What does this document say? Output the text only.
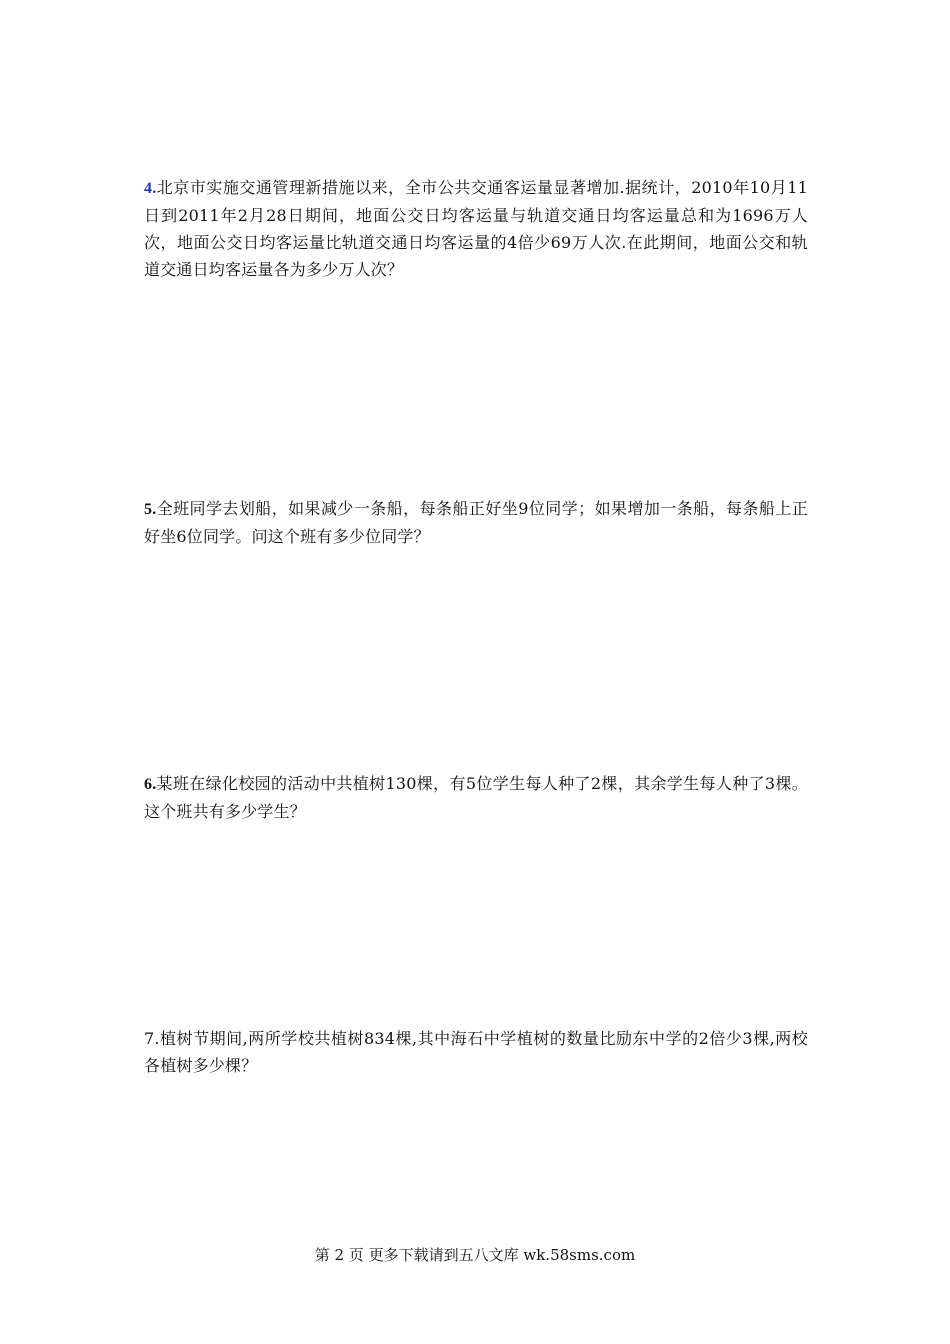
4.北京市实施交通管理新措施以来，全市公共交通客运量显著增加.据统计，2010年10月11日到2011年2月28日期间，地面公交日均客运量与轨道交通日均客运量总和为1696万人次，地面公交日均客运量比轨道交通日均客运量的4倍少69万人次.在此期间，地面公交和轨道交通日均客运量各为多少万人次？

5.全班同学去划船，如果减少一条船，每条船正好坐9位同学；如果增加一条船，每条船上正好坐6位同学。问这个班有多少位同学？

6.某班在绿化校园的活动中共植树130棵，有5位学生每人种了2棵，其余学生每人种了3棵。这个班共有多少学生？

7.植树节期间,两所学校共植树834棵,其中海石中学植树的数量比励东中学的2倍少3棵,两校各植树多少棵？

第 2 页 更多下载请到五八文库 wk.58sms.com
